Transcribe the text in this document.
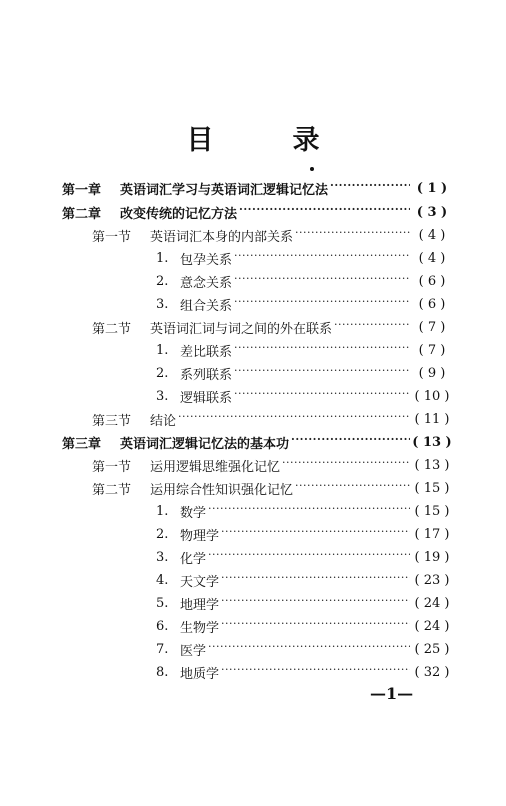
目　录
第一章	英语词汇学习与英语词汇逻辑记忆法 ·····	( 1 )
第二章	改变传统的记忆方法 ·····	( 3 )
第一节	英语词汇本身的内部关系 ·····	( 4 )
1. 包孕关系 ·····	( 4 )
2. 意念关系 ·····	( 6 )
3. 组合关系 ·····	( 6 )
第二节	英语词汇词与词之间的外在联系 ·····	( 7 )
1. 差比联系 ·····	( 7 )
2. 系列联系 ·····	( 9 )
3. 逻辑联系 ·····	( 10 )
第三节	结论 ·····	( 11 )
第三章	英语词汇逻辑记忆法的基本功 ·····	( 13 )
第一节	运用逻辑思维强化记忆 ·····	( 13 )
第二节	运用综合性知识强化记忆 ·····	( 15 )
1. 数学 ·····	( 15 )
2. 物理学 ·····	( 17 )
3. 化学 ·····	( 19 )
4. 天文学 ·····	( 23 )
5. 地理学 ·····	( 24 )
6. 生物学 ·····	( 24 )
7. 医学 ·····	( 25 )
8. 地质学 ·····	( 32 )
—1—
